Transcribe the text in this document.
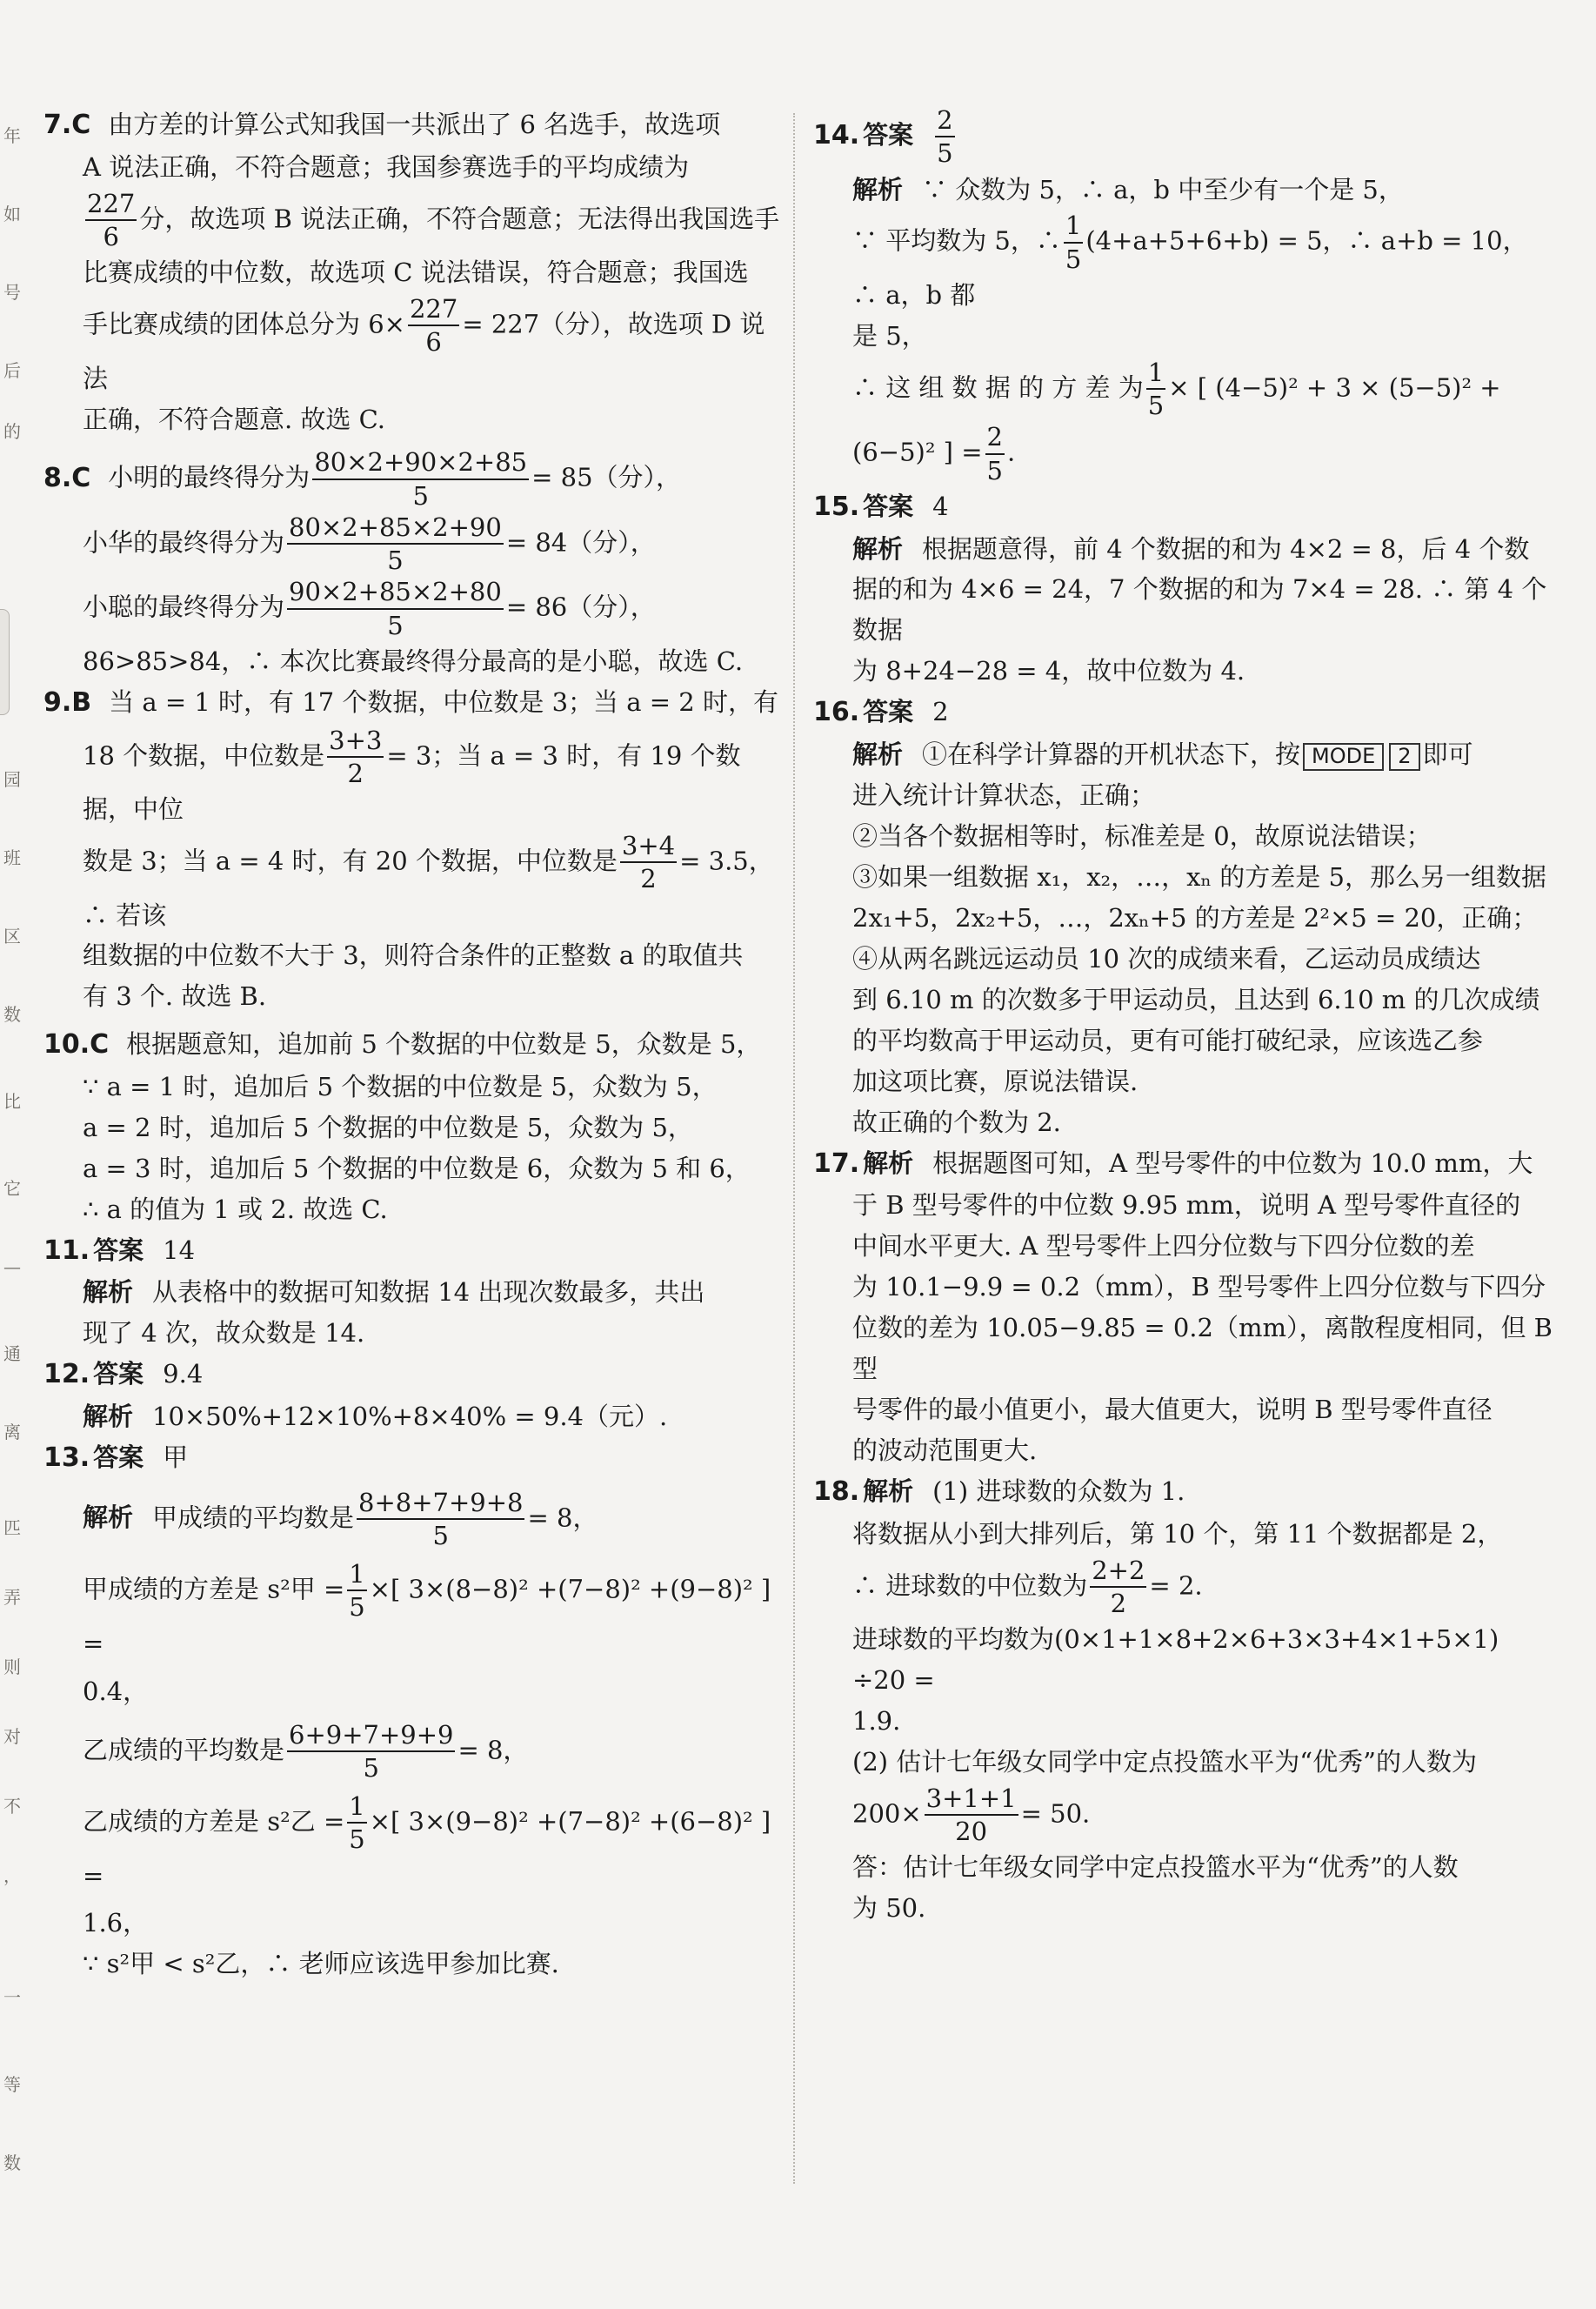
年
如
号
后
的
园
班
区
数
比
它
—
通
离
匹
弄
则
对
不
，
一
等
数

7.C 由方差的计算公式知我国一共派出了 6 名选手，故选项

A 说法正确，不符合题意；我国参赛选手的平均成绩为

$\frac{227}{6}$ 分，故选项 B 说法正确，不符合题意；无法得出我国选手

比赛成绩的中位数，故选项 C 说法错误，符合题意；我国选

手比赛成绩的团体总分为 $6\times \frac{227}{6} = 227$（分），故选项 D 说法

正确，不符合题意. 故选 C.

8.C 小明的最终得分为 $\frac{80\times 2+90\times 2+85}{5} = 85$（分），

小华的最终得分为 $\frac{80\times 2+85\times 2+90}{5} = 84$（分），

小聪的最终得分为 $\frac{90\times 2+85\times 2+80}{5} = 86$（分），

86>85>84，∴ 本次比赛最终得分最高的是小聪，故选 C.

9.B 当 a = 1 时，有 17 个数据，中位数是 3；当 a = 2 时，有

18 个数据，中位数是 $\frac{3+3}{2} = 3$；当 a = 3 时，有 19 个数据，中位

数是 3；当 a = 4 时，有 20 个数据，中位数是 $\frac{3+4}{2} = 3.5$，∴ 若该

组数据的中位数不大于 3，则符合条件的正整数 a 的取值共

有 3 个. 故选 B.

10.C 根据题意知，追加前 5 个数据的中位数是 5，众数是 5，

∵ a = 1 时，追加后 5 个数据的中位数是 5，众数为 5，

a = 2 时，追加后 5 个数据的中位数是 5，众数为 5，

a = 3 时，追加后 5 个数据的中位数是 6，众数为 5 和 6，

∴ a 的值为 1 或 2. 故选 C.

11. 答案 14

解析 从表格中的数据可知数据 14 出现次数最多，共出

现了 4 次，故众数是 14.

12. 答案 9.4

解析 10×50%+12×10%+8×40% = 9.4（元）.

13. 答案 甲

解析 甲成绩的平均数是 $\frac{8+8+7+9+8}{5} = 8$，

甲成绩的方差是 s²甲 = $\frac{1}{5}$ ×[ 3×(8−8)² +(7−8)² +(9−8)² ] =

0.4，

乙成绩的平均数是 $\frac{6+9+7+9+9}{5} = 8$，

乙成绩的方差是 s²乙 = $\frac{1}{5}$ ×[ 3×(9−8)² +(7−8)² +(6−8)² ] =

1.6，

∵ s²甲 < s²乙，∴ 老师应该选甲参加比赛.

14. 答案 $\frac{2}{5}$

解析 ∵ 众数为 5，∴ a，b 中至少有一个是 5，

∵ 平均数为 5，∴ $\frac{1}{5} (4+a+5+6+b) = 5$，∴ a+b = 10，∴ a，b 都

是 5，

∴ 这 组 数 据 的 方 差 为 $\frac{1}{5}$ × [ (4−5)² + 3 × (5−5)² +

(6−5)² ] = $\frac{2}{5}$ .

15. 答案 4

解析 根据题意得，前 4 个数据的和为 4×2 = 8，后 4 个数

据的和为 4×6 = 24，7 个数据的和为 7×4 = 28. ∴ 第 4 个数据

为 8+24−28 = 4，故中位数为 4.

16. 答案 2

解析 ①在科学计算器的开机状态下，按 MODE 2 即可

进入统计计算状态，正确；

②当各个数据相等时，标准差是 0，故原说法错误；

③如果一组数据 x₁，x₂，…，xₙ 的方差是 5，那么另一组数据

2x₁+5，2x₂+5，…，2xₙ+5 的方差是 2²×5 = 20，正确；

④从两名跳远运动员 10 次的成绩来看，乙运动员成绩达

到 6.10 m 的次数多于甲运动员，且达到 6.10 m 的几次成绩

的平均数高于甲运动员，更有可能打破纪录，应该选乙参

加这项比赛，原说法错误.

故正确的个数为 2.

17. 解析 根据题图可知，A 型号零件的中位数为 10.0 mm，大

于 B 型号零件的中位数 9.95 mm，说明 A 型号零件直径的

中间水平更大. A 型号零件上四分位数与下四分位数的差

为 10.1−9.9 = 0.2（mm），B 型号零件上四分位数与下四分

位数的差为 10.05−9.85 = 0.2（mm），离散程度相同，但 B 型

号零件的最小值更小，最大值更大，说明 B 型号零件直径

的波动范围更大.

18. 解析 (1) 进球数的众数为 1.

将数据从小到大排列后，第 10 个，第 11 个数据都是 2，

∴ 进球数的中位数为 $\frac{2+2}{2} = 2$.

进球数的平均数为(0×1+1×8+2×6+3×3+4×1+5×1) ÷20 =

1.9.

(2) 估计七年级女同学中定点投篮水平为“优秀”的人数为

$200\times \frac{3+1+1}{20} = 50$.

答：估计七年级女同学中定点投篮水平为“优秀”的人数

为 50.
